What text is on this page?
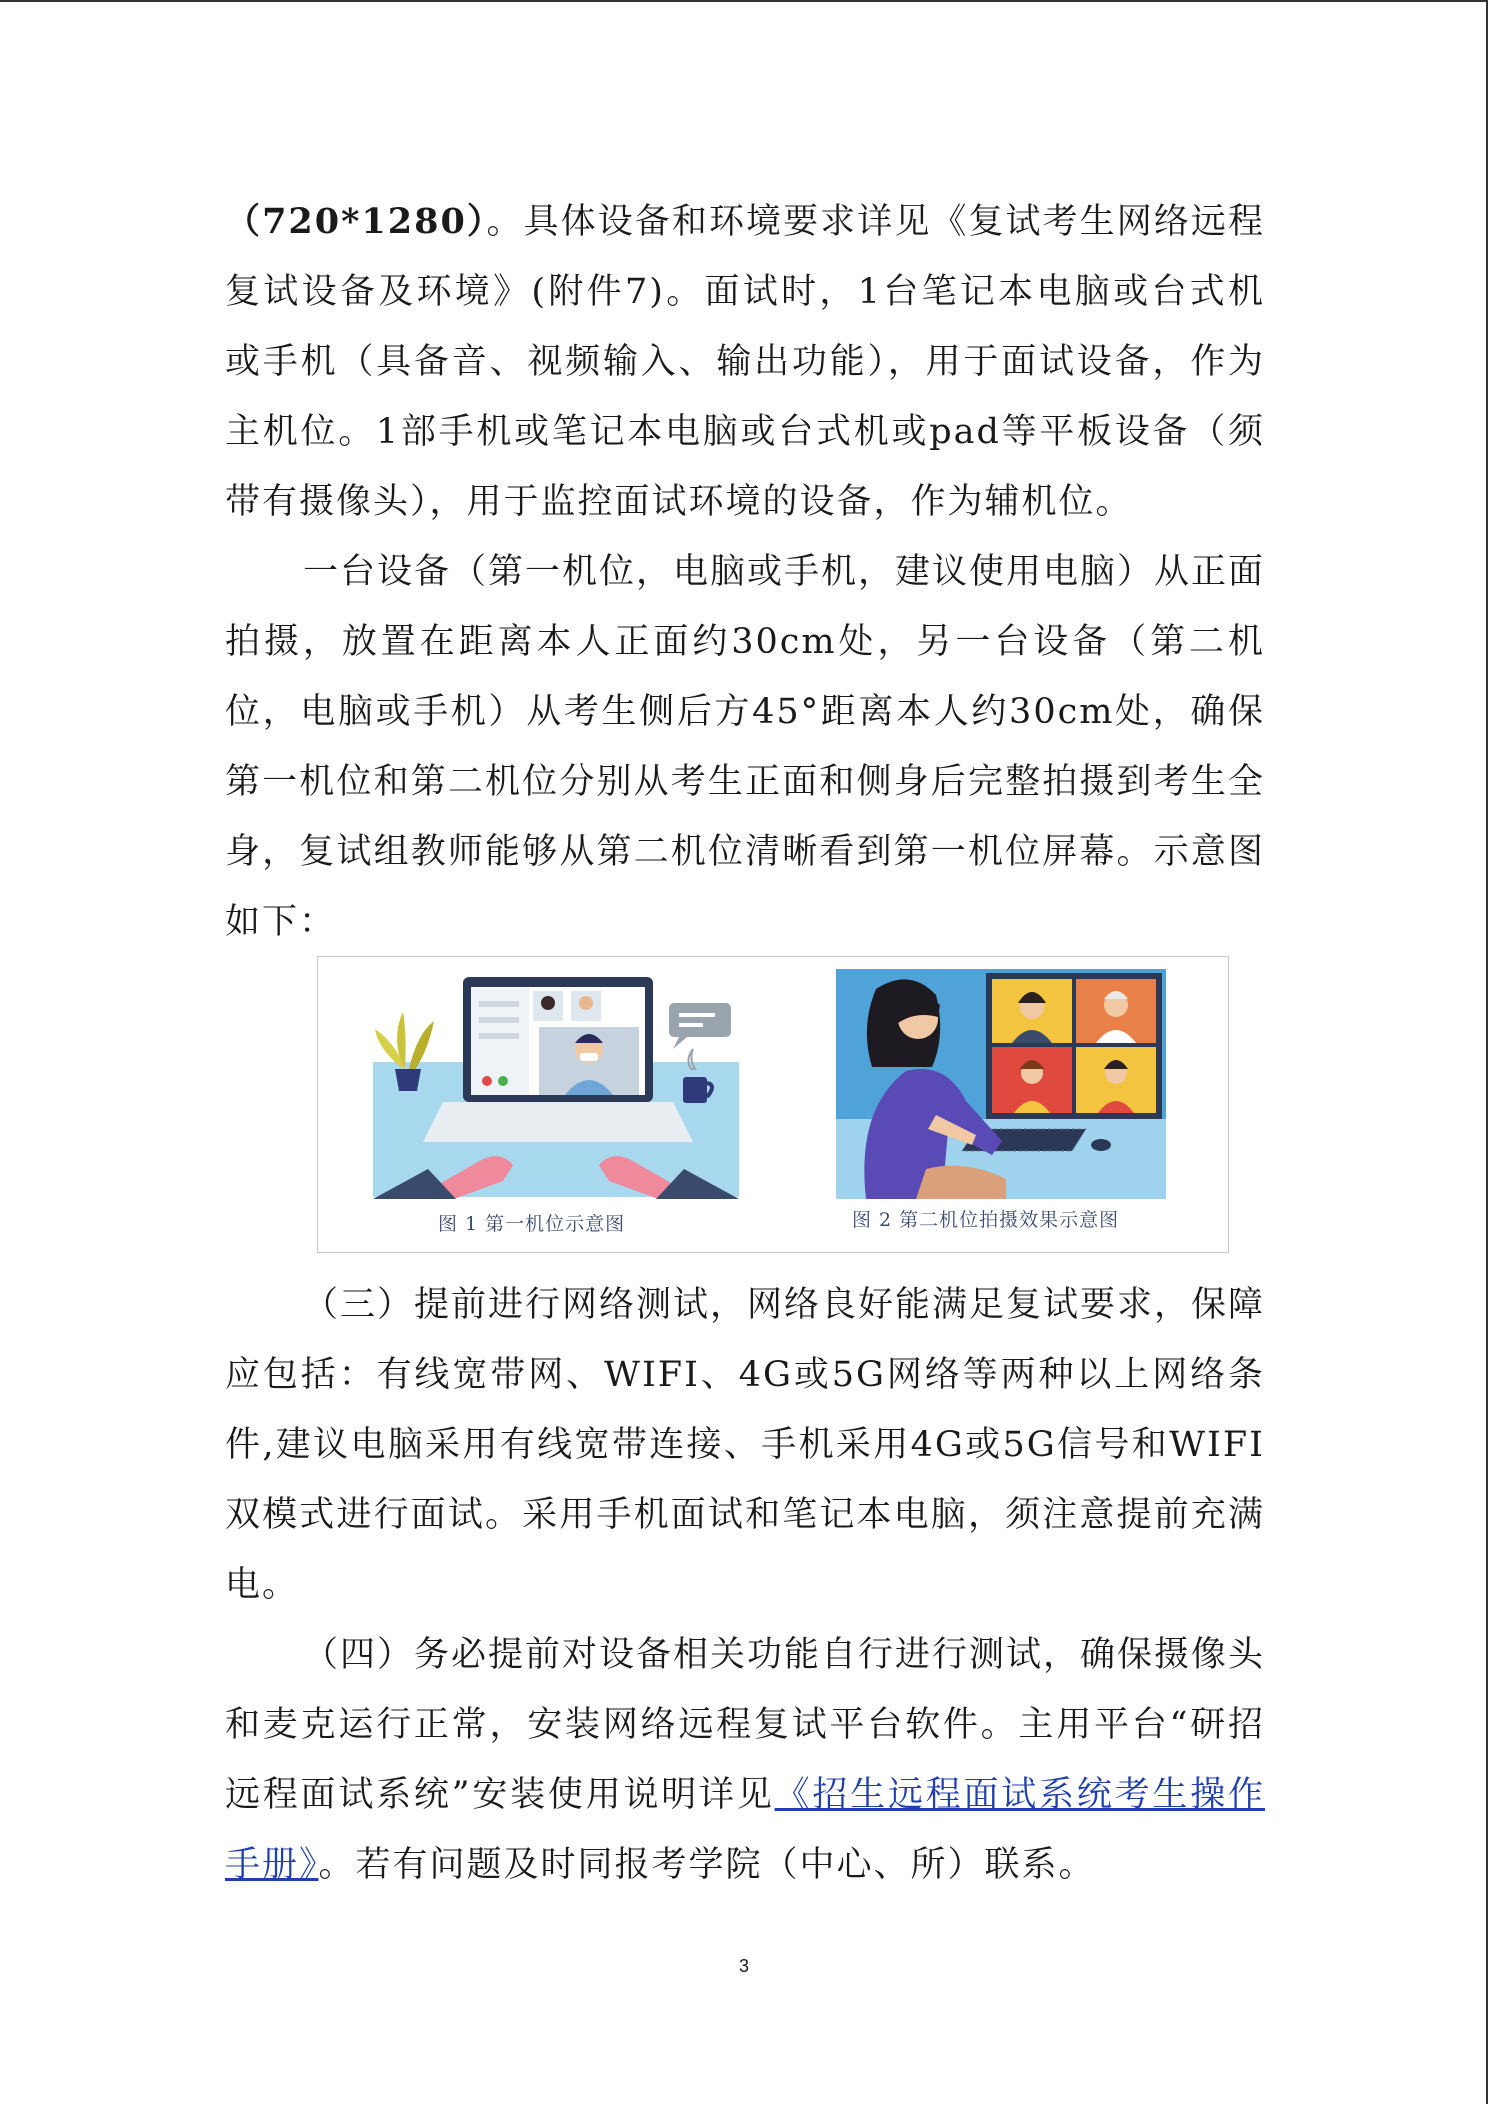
（720*1280）。具体设备和环境要求详见《复试考生网络远程复试设备及环境》(附件7)。面试时，1台笔记本电脑或台式机或手机（具备音、视频输入、输出功能），用于面试设备，作为主机位。1部手机或笔记本电脑或台式机或pad等平板设备（须带有摄像头），用于监控面试环境的设备，作为辅机位。

一台设备（第一机位，电脑或手机，建议使用电脑）从正面拍摄，放置在距离本人正面约30cm处，另一台设备（第二机位，电脑或手机）从考生侧后方45°距离本人约30cm处，确保第一机位和第二机位分别从考生正面和侧身后完整拍摄到考生全身，复试组教师能够从第二机位清晰看到第一机位屏幕。示意图如下：

图 1 第一机位示意图	图 2 第二机位拍摄效果示意图

（三）提前进行网络测试，网络良好能满足复试要求，保障应包括：有线宽带网、WIFI、4G或5G网络等两种以上网络条件,建议电脑采用有线宽带连接、手机采用4G或5G信号和WIFI双模式进行面试。采用手机面试和笔记本电脑，须注意提前充满电。

（四）务必提前对设备相关功能自行进行测试，确保摄像头和麦克运行正常，安装网络远程复试平台软件。主用平台“研招远程面试系统”安装使用说明详见《招生远程面试系统考生操作手册》。若有问题及时同报考学院（中心、所）联系。

3
